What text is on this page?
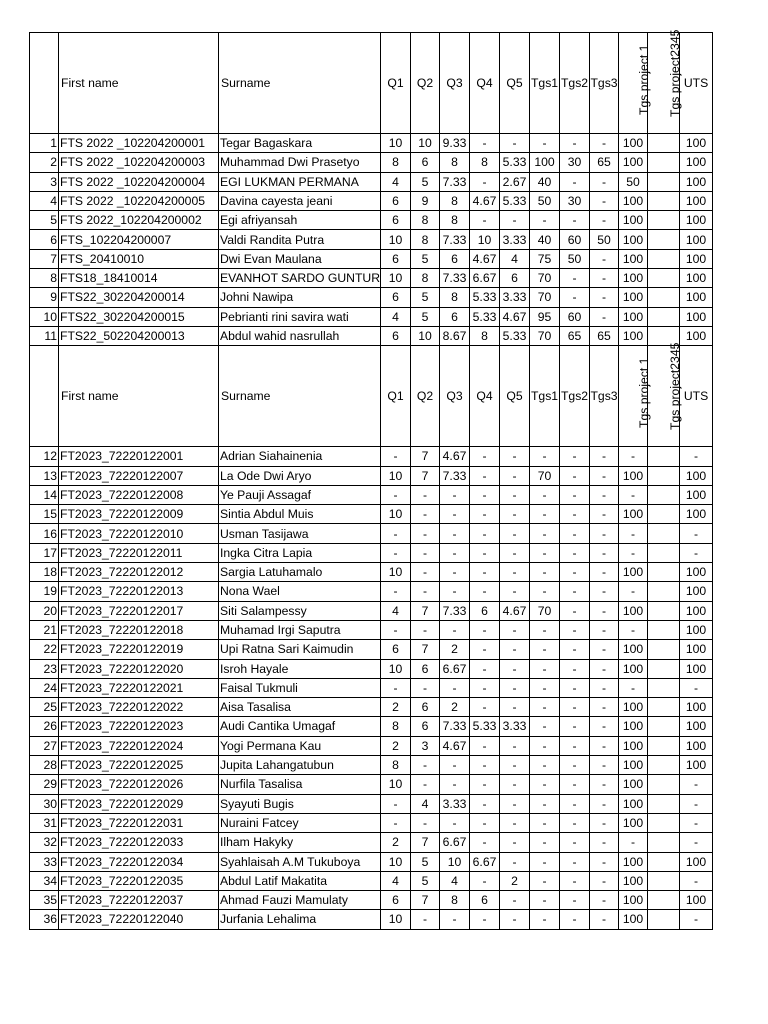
	First name	Surname	Q1	Q2	Q3	Q4	Q5	Tgs1	Tgs2	Tgs3	Tgs project 1	Tgs project2345	UTS
1	FTS 2022 _102204200001	Tegar Bagaskara	10	10	9.33	-	-	-	-	-	100		100
2	FTS 2022 _102204200003	Muhammad Dwi Prasetyo	8	6	8	8	5.33	100	30	65	100		100
3	FTS 2022 _102204200004	EGI LUKMAN PERMANA	4	5	7.33	-	2.67	40	-	-	50		100
4	FTS 2022 _102204200005	Davina cayesta jeani	6	9	8	4.67	5.33	50	30	-	100		100
5	FTS 2022_102204200002	Egi afriyansah	6	8	8	-	-	-	-	-	100		100
6	FTS_102204200007	Valdi Randita Putra	10	8	7.33	10	3.33	40	60	50	100		100
7	FTS_20410010	Dwi Evan Maulana	6	5	6	4.67	4	75	50	-	100		100
8	FTS18_18410014	EVANHOT SARDO GUNTUR	10	8	7.33	6.67	6	70	-	-	100		100
9	FTS22_302204200014	Johni Nawipa	6	5	8	5.33	3.33	70	-	-	100		100
10	FTS22_302204200015	Pebrianti rini savira wati	4	5	6	5.33	4.67	95	60	-	100		100
11	FTS22_502204200013	Abdul wahid nasrullah	6	10	8.67	8	5.33	70	65	65	100		100
	First name	Surname	Q1	Q2	Q3	Q4	Q5	Tgs1	Tgs2	Tgs3	Tgs project 1	Tgs project2345	UTS
12	FT2023_72220122001	Adrian Siahainenia	-	7	4.67	-	-	-	-	-	-		-
13	FT2023_72220122007	La Ode Dwi Aryo	10	7	7.33	-	-	70	-	-	100		100
14	FT2023_72220122008	Ye Pauji Assagaf	-	-	-	-	-	-	-	-	-		100
15	FT2023_72220122009	Sintia Abdul Muis	10	-	-	-	-	-	-	-	100		100
16	FT2023_72220122010	Usman Tasijawa	-	-	-	-	-	-	-	-	-		-
17	FT2023_72220122011	Ingka Citra Lapia	-	-	-	-	-	-	-	-	-		-
18	FT2023_72220122012	Sargia Latuhamalo	10	-	-	-	-	-	-	-	100		100
19	FT2023_72220122013	Nona Wael	-	-	-	-	-	-	-	-	-		100
20	FT2023_72220122017	Siti Salampessy	4	7	7.33	6	4.67	70	-	-	100		100
21	FT2023_72220122018	Muhamad Irgi Saputra	-	-	-	-	-	-	-	-	-		100
22	FT2023_72220122019	Upi Ratna Sari Kaimudin	6	7	2	-	-	-	-	-	100		100
23	FT2023_72220122020	Isroh Hayale	10	6	6.67	-	-	-	-	-	100		100
24	FT2023_72220122021	Faisal Tukmuli	-	-	-	-	-	-	-	-	-		-
25	FT2023_72220122022	Aisa Tasalisa	2	6	2	-	-	-	-	-	100		100
26	FT2023_72220122023	Audi Cantika Umagaf	8	6	7.33	5.33	3.33	-	-	-	100		100
27	FT2023_72220122024	Yogi Permana Kau	2	3	4.67	-	-	-	-	-	100		100
28	FT2023_72220122025	Jupita Lahangatubun	8	-	-	-	-	-	-	-	100		100
29	FT2023_72220122026	Nurfila Tasalisa	10	-	-	-	-	-	-	-	100		-
30	FT2023_72220122029	Syayuti Bugis	-	4	3.33	-	-	-	-	-	100		-
31	FT2023_72220122031	Nuraini Fatcey	-	-	-	-	-	-	-	-	100		-
32	FT2023_72220122033	Ilham Hakyky	2	7	6.67	-	-	-	-	-	-		-
33	FT2023_72220122034	Syahlaisah A.M Tukuboya	10	5	10	6.67	-	-	-	-	100		100
34	FT2023_72220122035	Abdul Latif Makatita	4	5	4	-	2	-	-	-	100		-
35	FT2023_72220122037	Ahmad Fauzi Mamulaty	6	7	8	6	-	-	-	-	100		100
36	FT2023_72220122040	Jurfania Lehalima	10	-	-	-	-	-	-	-	100		-
